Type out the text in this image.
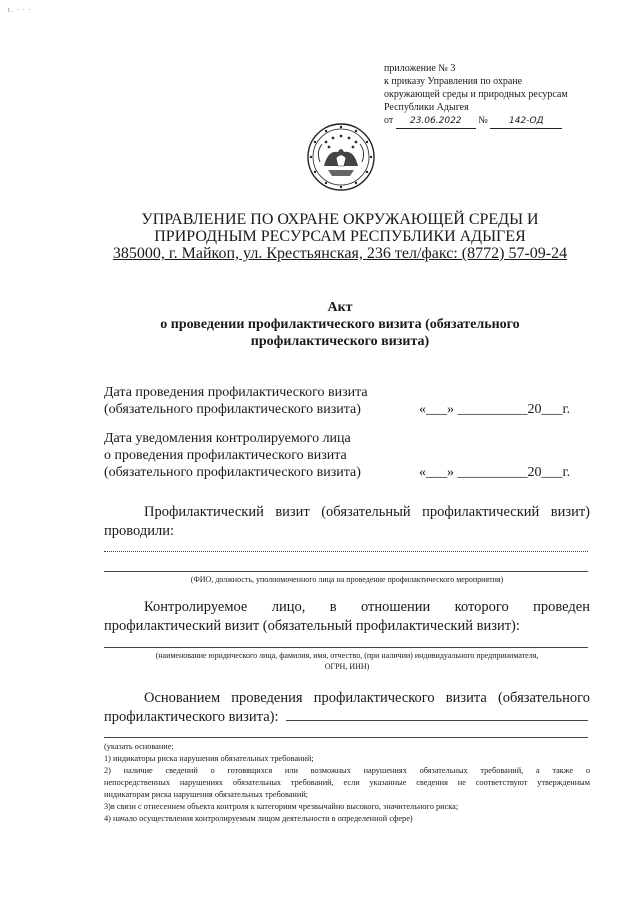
t. · · ·
приложение № 3
к приказу Управления по охране
окружающей среды и природных ресурсам
Республики Адыгея
от 23.06.2022 № 142-ОД
УПРАВЛЕНИЕ ПО ОХРАНЕ ОКРУЖАЮЩЕЙ СРЕДЫ И
ПРИРОДНЫМ РЕСУРСАМ РЕСПУБЛИКИ АДЫГЕЯ
385000, г. Майкоп, ул. Крестьянская, 236 тел/факс: (8772) 57-09-24
Акт
о проведении профилактического визита (обязательного
профилактического визита)
Дата проведения профилактического визита
(обязательного профилактического визита)	«___» __________20___г.
Дата уведомления контролируемого лица
о проведения профилактического визита
(обязательного профилактического визита)	«___» __________20___г.
Профилактический визит (обязательный профилактический визит)
проводили:
(ФИО, должность, уполномоченного лица на проведение профилактического мероприятия)
Контролируемое лицо, в отношении которого проведен
профилактический визит (обязательный профилактический визит):
(наименование юридического лица, фамилия, имя, отчество, (при наличии) индивидуального предпринимателя,
ОГРН, ИНН)
Основанием проведения профилактического визита (обязательного
профилактического визита):
(указать основание:
1) индикаторы риска нарушения обязательных требований;
2) наличие сведений о готовящихся или возможных нарушениях обязательных требований, а также о
непосредственных нарушениях обязательных требований, если указанные сведения не соответствуют утвержденным
индикаторам риска нарушения обязательных требований;
3)в связи с отнесением объекта контроля к категориям чрезвычайно высокого, значительного риска;
4) начало осуществления контролируемым лицом деятельности в определенной сфере)
